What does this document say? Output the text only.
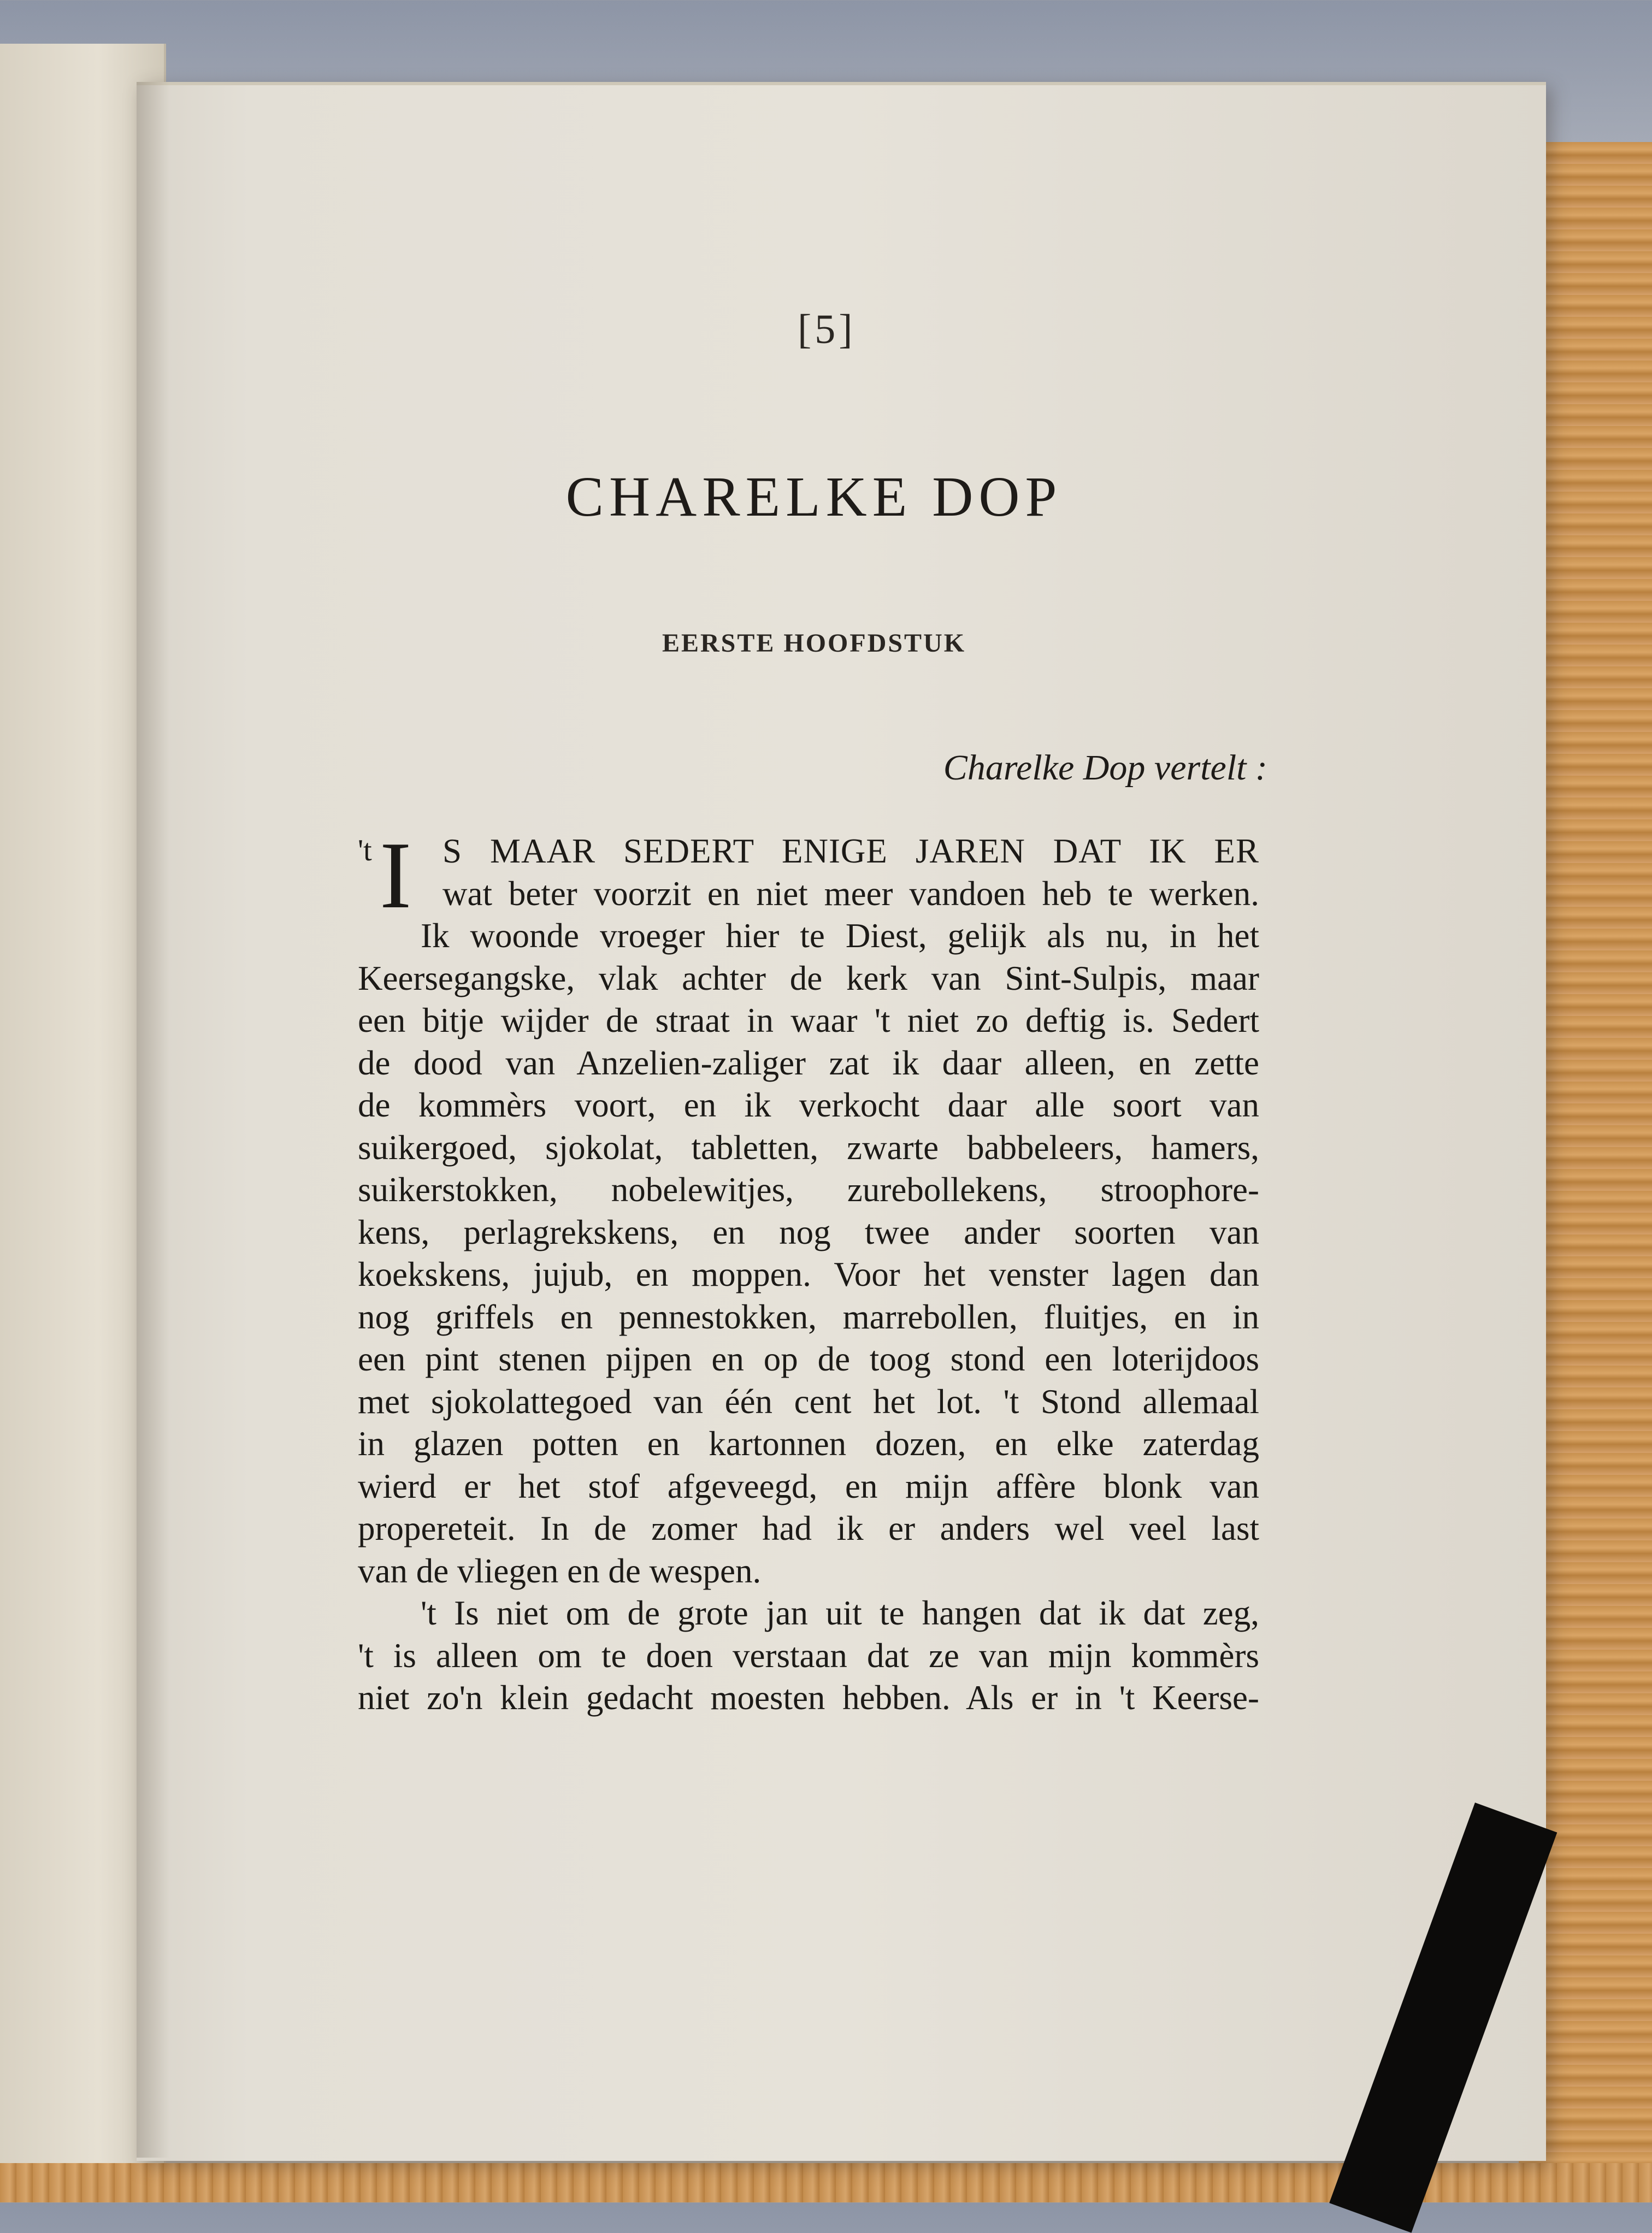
[5]
CHARELKE DOP
EERSTE HOOFDSTUK
Charelke Dop vertelt :
't I S MAAR SEDERT ENIGE JAREN DAT IK ER
wat beter voorzit en niet meer vandoen heb te werken.
Ik woonde vroeger hier te Diest, gelijk als nu, in het
Keersegangske, vlak achter de kerk van Sint-Sulpis, maar
een bitje wijder de straat in waar 't niet zo deftig is. Sedert
de dood van Anzelien-zaliger zat ik daar alleen, en zette
de kommèrs voort, en ik verkocht daar alle soort van
suikergoed, sjokolat, tabletten, zwarte babbeleers, hamers,
suikerstokken, nobelewitjes, zurebollekens, stroophore-
kens, perlagrekskens, en nog twee ander soorten van
koekskens, jujub, en moppen. Voor het venster lagen dan
nog griffels en pennestokken, marrebollen, fluitjes, en in
een pint stenen pijpen en op de toog stond een loterijdoos
met sjokolattegoed van één cent het lot. 't Stond allemaal
in glazen potten en kartonnen dozen, en elke zaterdag
wierd er het stof afgeveegd, en mijn affère blonk van
propereteit. In de zomer had ik er anders wel veel last
van de vliegen en de wespen.
't Is niet om de grote jan uit te hangen dat ik dat zeg,
't is alleen om te doen verstaan dat ze van mijn kommèrs
niet zo'n klein gedacht moesten hebben. Als er in 't Keerse-
